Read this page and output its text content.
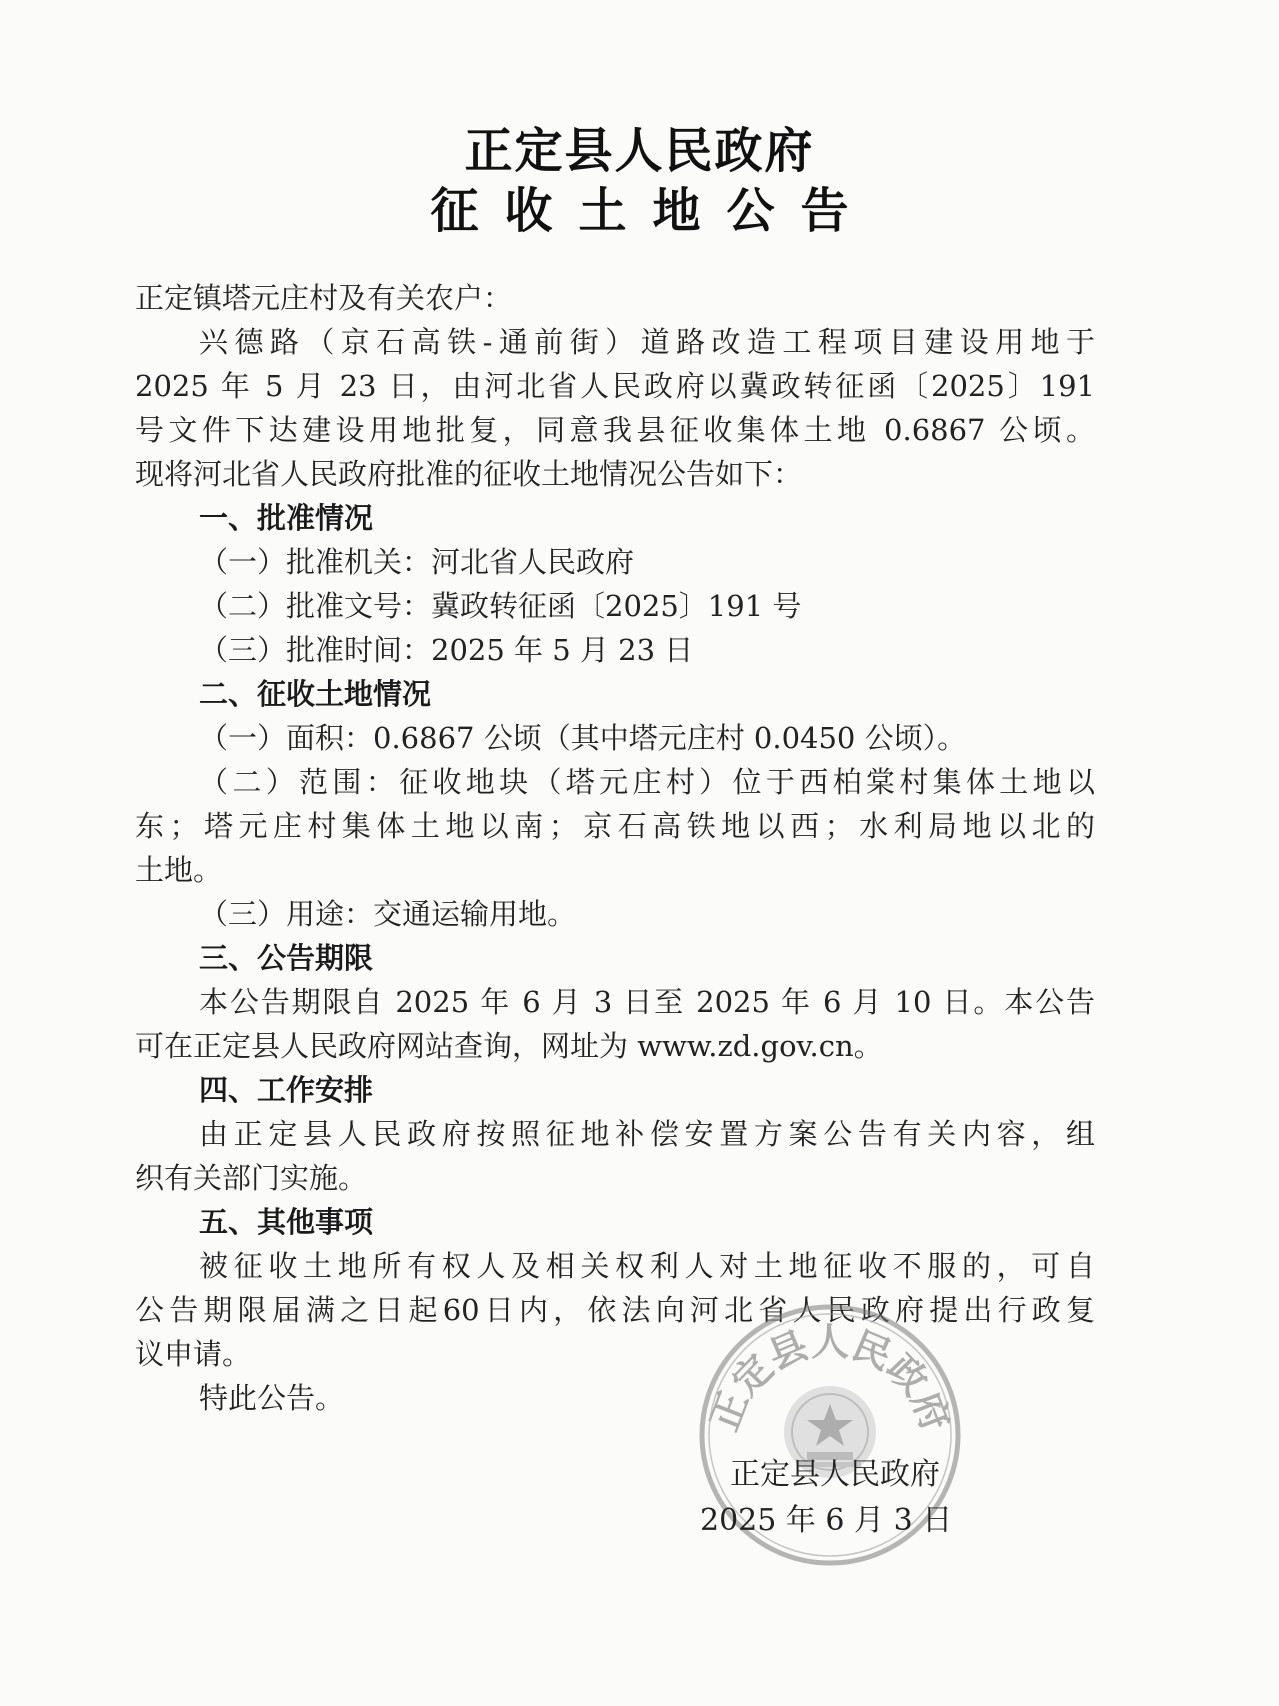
正定县人民政府
征收土地公告

正定镇塔元庄村及有关农户：

兴德路（京石高铁-通前街）道路改造工程项目建设用地于

2025 年 5 月 23 日，由河北省人民政府以冀政转征函〔2025〕191

号文件下达建设用地批复，同意我县征收集体土地 0.6867 公顷。

现将河北省人民政府批准的征收土地情况公告如下：

一、批准情况

（一）批准机关：河北省人民政府

（二）批准文号：冀政转征函〔2025〕191 号

（三）批准时间：2025 年 5 月 23 日

二、征收土地情况

（一）面积：0.6867 公顷（其中塔元庄村 0.0450 公顷）。

（二）范围：征收地块（塔元庄村）位于西柏棠村集体土地以

东；塔元庄村集体土地以南；京石高铁地以西；水利局地以北的

土地。

（三）用途：交通运输用地。

三、公告期限

本公告期限自 2025 年 6 月 3 日至 2025 年 6 月 10 日。本公告

可在正定县人民政府网站查询，网址为 www.zd.gov.cn。

四、工作安排

由正定县人民政府按照征地补偿安置方案公告有关内容，组

织有关部门实施。

五、其他事项

被征收土地所有权人及相关权利人对土地征收不服的，可自

公告期限届满之日起60日内，依法向河北省人民政府提出行政复

议申请。

特此公告。	正定县人民政府
正定县人民政府
2025 年 6 月 3 日
